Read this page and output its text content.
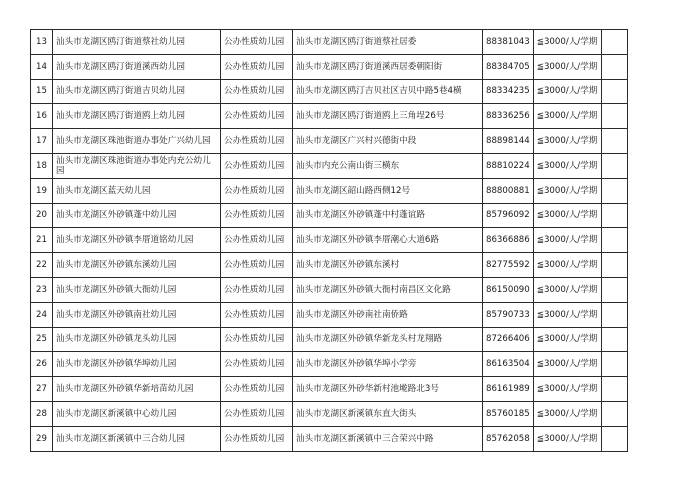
13	汕头市龙湖区鸥汀街道蔡社幼儿园	公办性质幼儿园	汕头市龙湖区鸥汀街道蔡社居委	88381043	≦3000/人/学期	
14	汕头市龙湖区鸥汀街道溪西幼儿园	公办性质幼儿园	汕头市龙湖区鸥汀街道溪西居委朝阳街	88384705	≦3000/人/学期	
15	汕头市龙湖区鸥汀街道吉贝幼儿园	公办性质幼儿园	汕头市龙湖区鸥汀吉贝社区吉贝中路5巷4横	88334235	≦3000/人/学期	
16	汕头市龙湖区鸥汀街道鸥上幼儿园	公办性质幼儿园	汕头市龙湖区鸥汀街道鸥上三角埕26号	88336256	≦3000/人/学期	
17	汕头市龙湖区珠池街道办事处广兴幼儿园	公办性质幼儿园	汕头市龙湖区广兴村兴德街中段	88898144	≦3000/人/学期	
18	汕头市龙湖区珠池街道办事处内充公幼儿园	公办性质幼儿园	汕头市内充公南山街三横东	88810224	≦3000/人/学期	
19	汕头市龙湖区蓝天幼儿园	公办性质幼儿园	汕头市龙湖区韶山路西侧12号	88800881	≦3000/人/学期	
20	汕头市龙湖区外砂镇蓬中幼儿园	公办性质幼儿园	汕头市龙湖区外砂镇蓬中村蓬谊路	85796092	≦3000/人/学期	
21	汕头市龙湖区外砂镇李厝道铭幼儿园	公办性质幼儿园	汕头市龙湖区外砂镇李厝潮心大道6路	86366886	≦3000/人/学期	
22	汕头市龙湖区外砂镇东溪幼儿园	公办性质幼儿园	汕头市龙湖区外砂镇东溪村	82775592	≦3000/人/学期	
23	汕头市龙湖区外砂镇大衙幼儿园	公办性质幼儿园	汕头市龙湖区外砂镇大衙村南昌区文化路	86150090	≦3000/人/学期	
24	汕头市龙湖区外砂镇南社幼儿园	公办性质幼儿园	汕头市龙湖区外砂南社南侨路	85790733	≦3000/人/学期	
25	汕头市龙湖区外砂镇龙头幼儿园	公办性质幼儿园	汕头市龙湖区外砂镇华新龙头村龙翔路	87266406	≦3000/人/学期	
26	汕头市龙湖区外砂镇华埠幼儿园	公办性质幼儿园	汕头市龙湖区外砂镇华埠小学旁	86163504	≦3000/人/学期	
27	汕头市龙湖区外砂镇华新培苗幼儿园	公办性质幼儿园	汕头市龙湖区外砂华新村池墘路北3号	86161989	≦3000/人/学期	
28	汕头市龙湖区新溪镇中心幼儿园	公办性质幼儿园	汕头市龙湖区新溪镇东直大街头	85760185	≦3000/人/学期	
29	汕头市龙湖区新溪镇中三合幼儿园	公办性质幼儿园	汕头市龙湖区新溪镇中三合荣兴中路	85762058	≦3000/人/学期	
